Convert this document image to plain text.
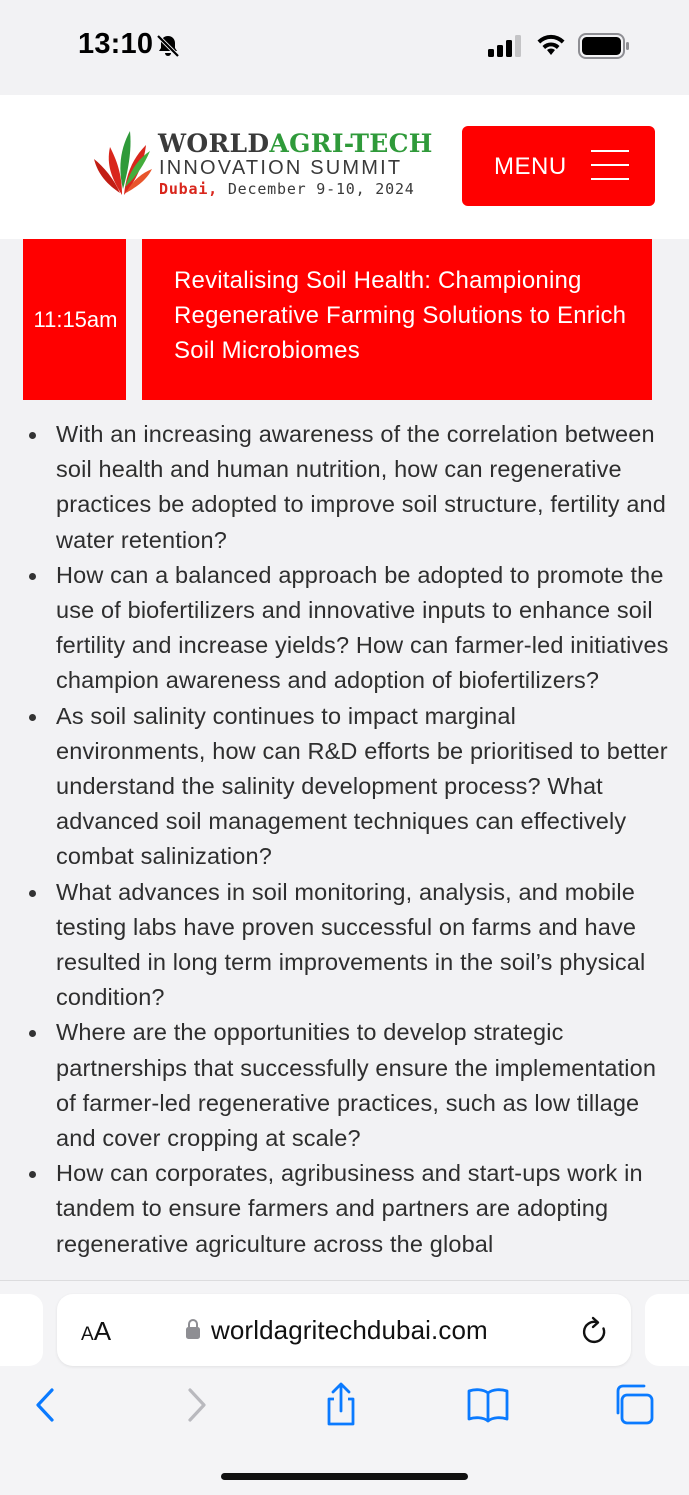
13:10
WORLDAGRI-TECH
INNOVATION SUMMIT
Dubai, December 9-10, 2024
MENU
11:15am
Revitalising Soil Health: Championing Regenerative Farming Solutions to Enrich Soil Microbiomes
With an increasing awareness of the correlation between soil health and human nutrition, how can regenerative practices be adopted to improve soil structure, fertility and water retention?
How can a balanced approach be adopted to promote the use of biofertilizers and innovative inputs to enhance soil fertility and increase yields? How can farmer-led initiatives champion awareness and adoption of biofertilizers?
As soil salinity continues to impact marginal environments, how can R&D efforts be prioritised to better understand the salinity development process? What advanced soil management techniques can effectively combat salinization?
What advances in soil monitoring, analysis, and mobile testing labs have proven successful on farms and have resulted in long term improvements in the soil’s physical condition?
Where are the opportunities to develop strategic partnerships that successfully ensure the implementation of farmer-led regenerative practices, such as low tillage and cover cropping at scale?
How can corporates, agribusiness and start-ups work in tandem to ensure farmers and partners are adopting regenerative agriculture across the global
AA	worldagritechdubai.com
